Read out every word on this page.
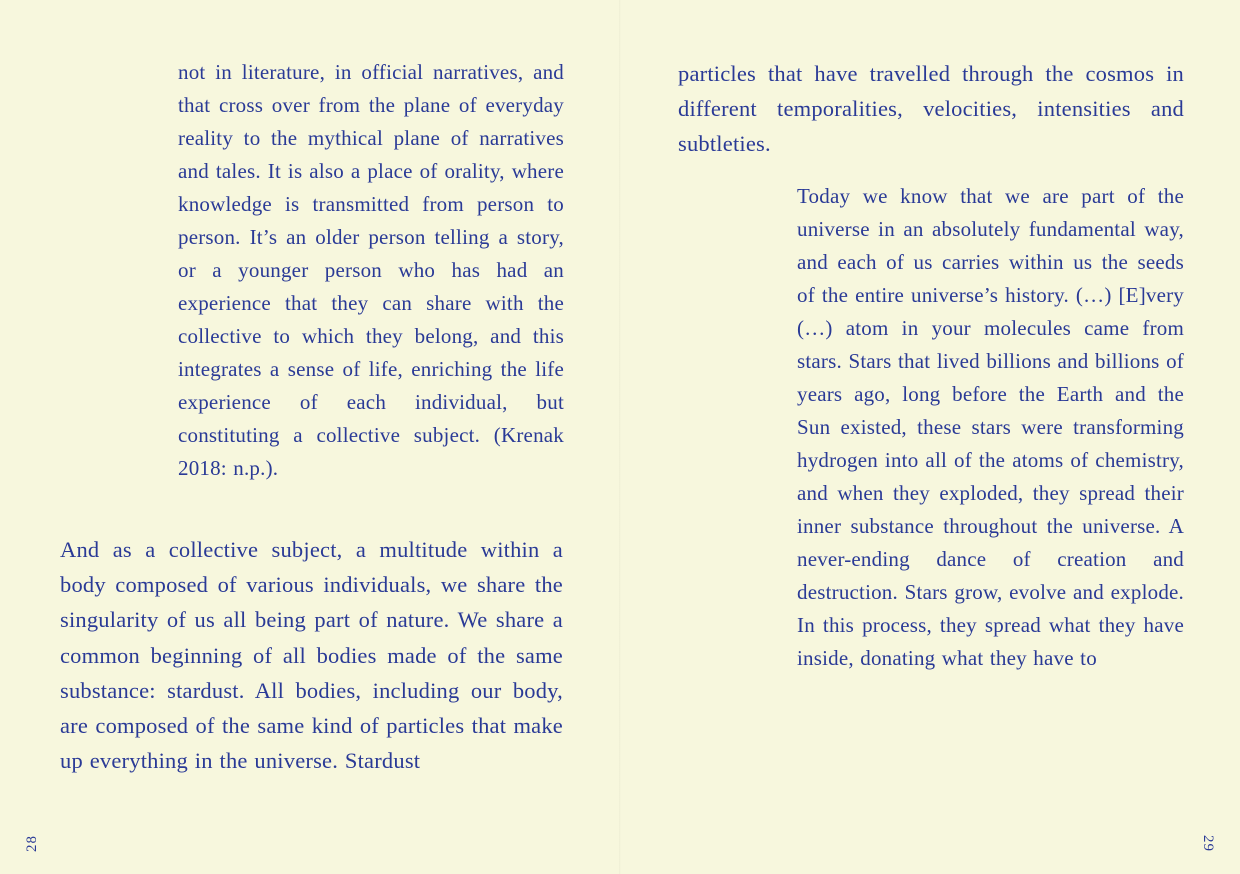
not in literature, in official narratives, and that cross over from the plane of everyday reality to the mythical plane of narratives and tales. It is also a place of orality, where knowledge is transmitted from person to person. It’s an older person telling a story, or a younger person who has had an experience that they can share with the collective to which they belong, and this integrates a sense of life, enriching the life experience of each individual, but constituting a collective subject. (Krenak 2018: n.p.).
And as a collective subject, a multitude within a body composed of various individuals, we share the singularity of us all being part of nature. We share a common beginning of all bodies made of the same substance: stardust. All bodies, including our body, are composed of the same kind of particles that make up everything in the universe. Stardust
28
particles that have travelled through the cosmos in different temporalities, velocities, intensities and subtleties.
Today we know that we are part of the universe in an absolutely fundamental way, and each of us carries within us the seeds of the entire universe’s history. (…) [E]very (…) atom in your molecules came from stars. Stars that lived billions and billions of years ago, long before the Earth and the Sun existed, these stars were transforming hydrogen into all of the atoms of chemistry, and when they exploded, they spread their inner substance throughout the universe. A never-ending dance of creation and destruction. Stars grow, evolve and explode. In this process, they spread what they have inside, donating what they have to
29
